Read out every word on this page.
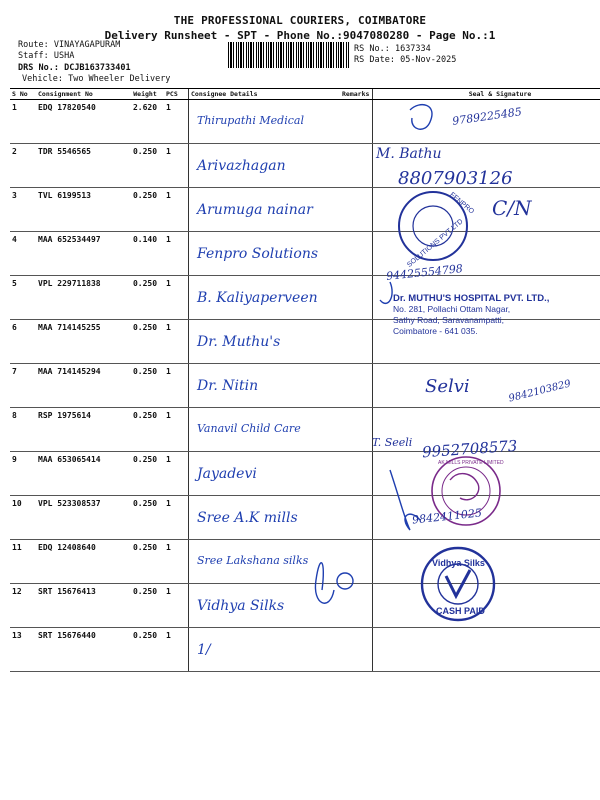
THE PROFESSIONAL COURIERS, COIMBATORE
Delivery Runsheet - SPT - Phone No.:9047080280 - Page No.:1
Route: VINAYAGAPURAM
Staff: USHA
DRS No.: DCJB163733401
Vehicle: Two Wheeler Delivery
RS No.: 1637334
RS Date: 05-Nov-2025
S No	Consignment No	Weight	PCS	Consignee Details	Remarks	Seal & Signature
1	EDQ 17820540	2.620	1	Thirupathi Medical		

2	TDR 5546565	0.250	1	Arivazhagan		

3	TVL 6199513	0.250	1	Arumuga nainar		

4	MAA 652534497	0.140	1	Fenpro Solutions		

5	VPL 229711838	0.250	1	B. Kaliyaperveen		

6	MAA 714145255	0.250	1	Dr. Muthu's		

7	MAA 714145294	0.250	1	Dr. Nitin		

8	RSP 1975614	0.250	1	Vanavil Child Care		

9	MAA 653065414	0.250	1	Jayadevi		

10	VPL 523308537	0.250	1	Sree A.K mills		

11	EDQ 12408640	0.250	1	Sree Lakshana silks		

12	SRT 15676413	0.250	1	Vidhya Silks		

13	SRT 15676440	0.250	1	1/		

FENPRO
SOLUTIONS PVT LTD
Dr. MUTHU'S HOSPITAL PVT. LTD.,
No. 281, Pollachi Ottam Nagar,
Sathy Road, Saravanampatti,
Coimbatore - 641 035.
AK MILLS PRIVATE LIMITED
Vidhya Silks
CASH PAID
9789225485
M. Bathu
8807903126
C/N
94425554798
Selvi	9842103829
T. Seeli 9952708573
9842411025
